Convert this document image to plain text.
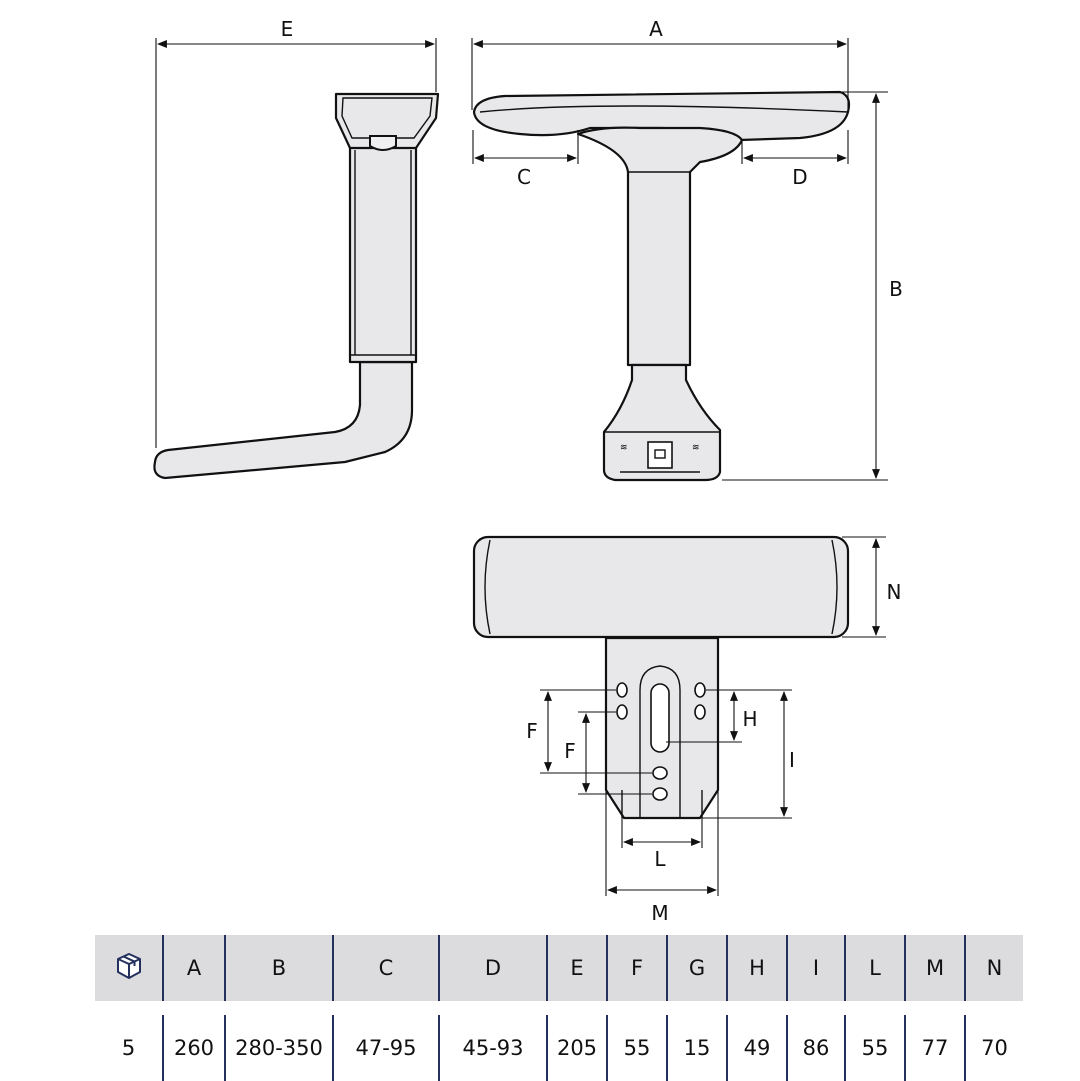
E
≋	≋
A
C	D
B
N
F
F
H
I
L
M
	A	B	C	D	E	F	G	H	I	L	M	N

5	260	280-350	47-95	45-93	205	55	15	49	86	55	77	70
